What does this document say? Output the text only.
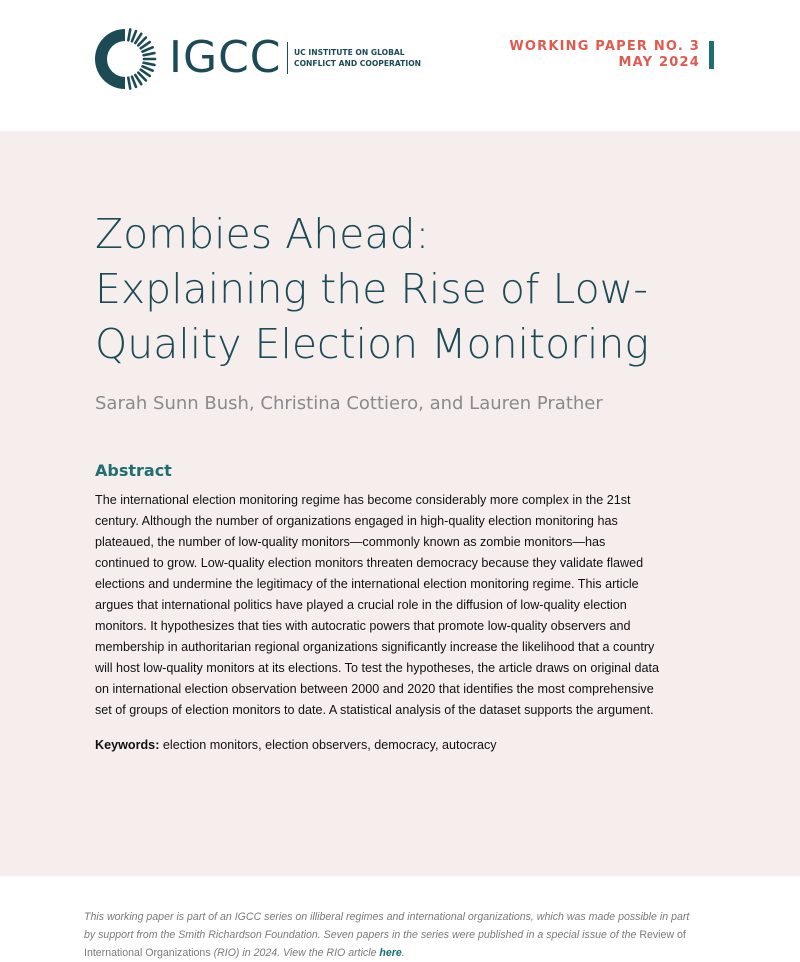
IGCC UC INSTITUTE ON GLOBAL
CONFLICT AND COOPERATION
WORKING PAPER NO. 3
MAY 2024
Zombies Ahead:
Explaining the Rise of Low-
Quality Election Monitoring
Sarah Sunn Bush, Christina Cottiero, and Lauren Prather
Abstract
The international election monitoring regime has become considerably more complex in the 21st
century. Although the number of organizations engaged in high-quality election monitoring has
plateaued, the number of low-quality monitors—commonly known as zombie monitors—has
continued to grow. Low-quality election monitors threaten democracy because they validate flawed
elections and undermine the legitimacy of the international election monitoring regime. This article
argues that international politics have played a crucial role in the diffusion of low-quality election
monitors. It hypothesizes that ties with autocratic powers that promote low-quality observers and
membership in authoritarian regional organizations significantly increase the likelihood that a country
will host low-quality monitors at its elections. To test the hypotheses, the article draws on original data
on international election observation between 2000 and 2020 that identifies the most comprehensive
set of groups of election monitors to date. A statistical analysis of the dataset supports the argument.
Keywords: election monitors, election observers, democracy, autocracy
This working paper is part of an IGCC series on illiberal regimes and international organizations, which was made possible in part
by support from the Smith Richardson Foundation. Seven papers in the series were published in a special issue of the Review of
International Organizations (RIO) in 2024. View the RIO article here.
